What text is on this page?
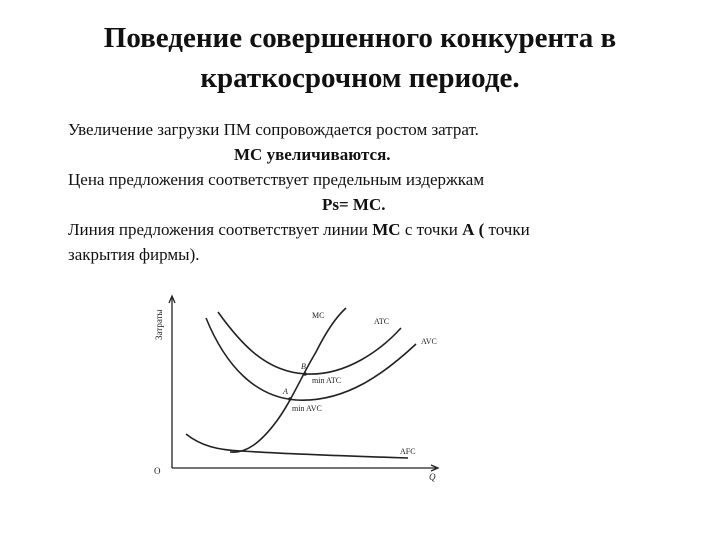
Поведение совершенного конкурента в
краткосрочном периоде.
Увеличение загрузки ПМ сопровождается ростом затрат.
МС увеличиваются.
Цена предложения соответствует предельным издержкам
Ps= MC.
Линия предложения соответствует линии МС с точки А ( точки
закрытия фирмы).
Затраты
O
Q
MC
ATC
AVC
AFC
B
min ATC
A
min AVC
